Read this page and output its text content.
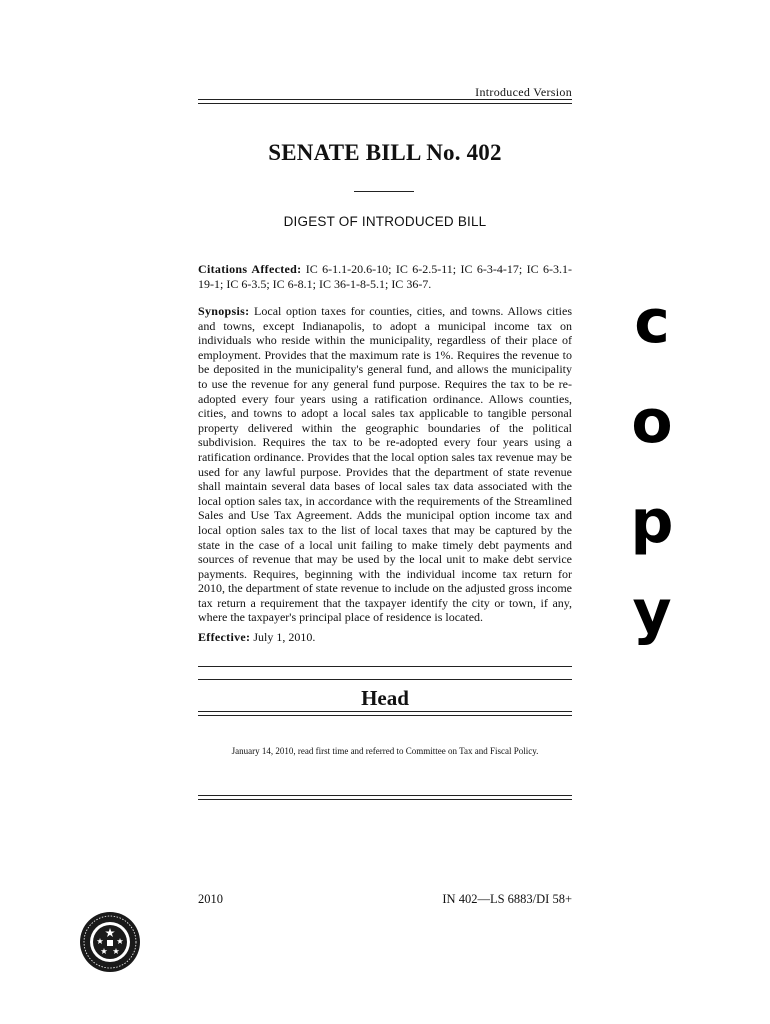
Introduced Version
SENATE BILL No. 402
DIGEST OF INTRODUCED BILL
Citations Affected: IC 6-1.1-20.6-10; IC 6-2.5-11; IC 6-3-4-17; IC 6-3.1-19-1; IC 6-3.5; IC 6-8.1; IC 36-1-8-5.1; IC 36-7.
Synopsis: Local option taxes for counties, cities, and towns. Allows cities and towns, except Indianapolis, to adopt a municipal income tax on individuals who reside within the municipality, regardless of their place of employment. Provides that the maximum rate is 1%. Requires the revenue to be deposited in the municipality's general fund, and allows the municipality to use the revenue for any general fund purpose. Requires the tax to be re-adopted every four years using a ratification ordinance. Allows counties, cities, and towns to adopt a local sales tax applicable to tangible personal property delivered within the geographic boundaries of the political subdivision. Requires the tax to be re-adopted every four years using a ratification ordinance. Provides that the local option sales tax revenue may be used for any lawful purpose. Provides that the department of state revenue shall maintain several data bases of local sales tax data associated with the local option sales tax, in accordance with the requirements of the Streamlined Sales and Use Tax Agreement. Adds the municipal option income tax and local option sales tax to the list of local taxes that may be captured by the state in the case of a local unit failing to make timely debt payments and sources of revenue that may be used by the local unit to make debt service payments. Requires, beginning with the individual income tax return for 2010, the department of state revenue to include on the adjusted gross income tax return a requirement that the taxpayer identify the city or town, if any, where the taxpayer's principal place of residence is located.
Effective: July 1, 2010.
Head
January 14, 2010, read first time and referred to Committee on Tax and Fiscal Policy.
2010	IN 402—LS 6883/DI 58+
c
o
p
y
